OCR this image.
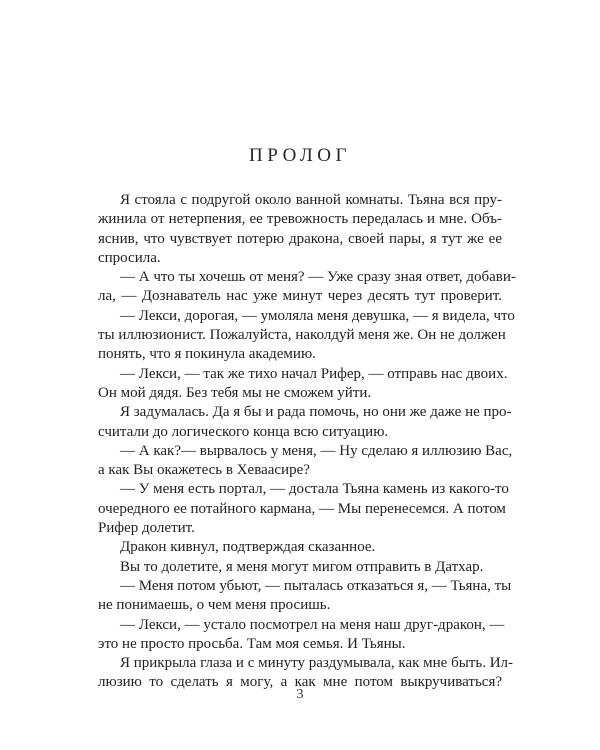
ПРОЛОГ
Я стояла с подругой около ванной комнаты. Тьяна вся пру-
жинила от нетерпения, ее тревожность передалась и мне. Объ-
яснив, что чувствует потерю дракона, своей пары, я тут же ее
спросила.
— А что ты хочешь от меня? — Уже сразу зная ответ, добави-
ла, — Дознаватель нас уже минут через десять тут проверит.
— Лекси, дорогая, — умоляла меня девушка, — я видела, что
ты иллюзионист. Пожалуйста, наколдуй меня же. Он не должен
понять, что я покинула академию.
— Лекси, — так же тихо начал Рифер, — отправь нас двоих.
Он мой дядя. Без тебя мы не сможем уйти.
Я задумалась. Да я бы и рада помочь, но они же даже не про-
считали до логического конца всю ситуацию.
— А как?— вырвалось у меня, — Ну сделаю я иллюзию Вас,
а как Вы окажетесь в Хеваасире?
— У меня есть портал, — достала Тьяна камень из какого-то
очередного ее потайного кармана, — Мы перенесемся. А потом
Рифер долетит.
Дракон кивнул, подтверждая сказанное.
Вы то долетите, я меня могут мигом отправить в Датхар.
— Меня потом убьют, — пыталась отказаться я, — Тьяна, ты
не понимаешь, о чем меня просишь.
— Лекси, — устало посмотрел на меня наш друг-дракон, —
это не просто просьба. Там моя семья. И Тьяны.
Я прикрыла глаза и с минуту раздумывала, как мне быть. Ил-
люзию то сделать я могу, а как мне потом выкручиваться?
3
